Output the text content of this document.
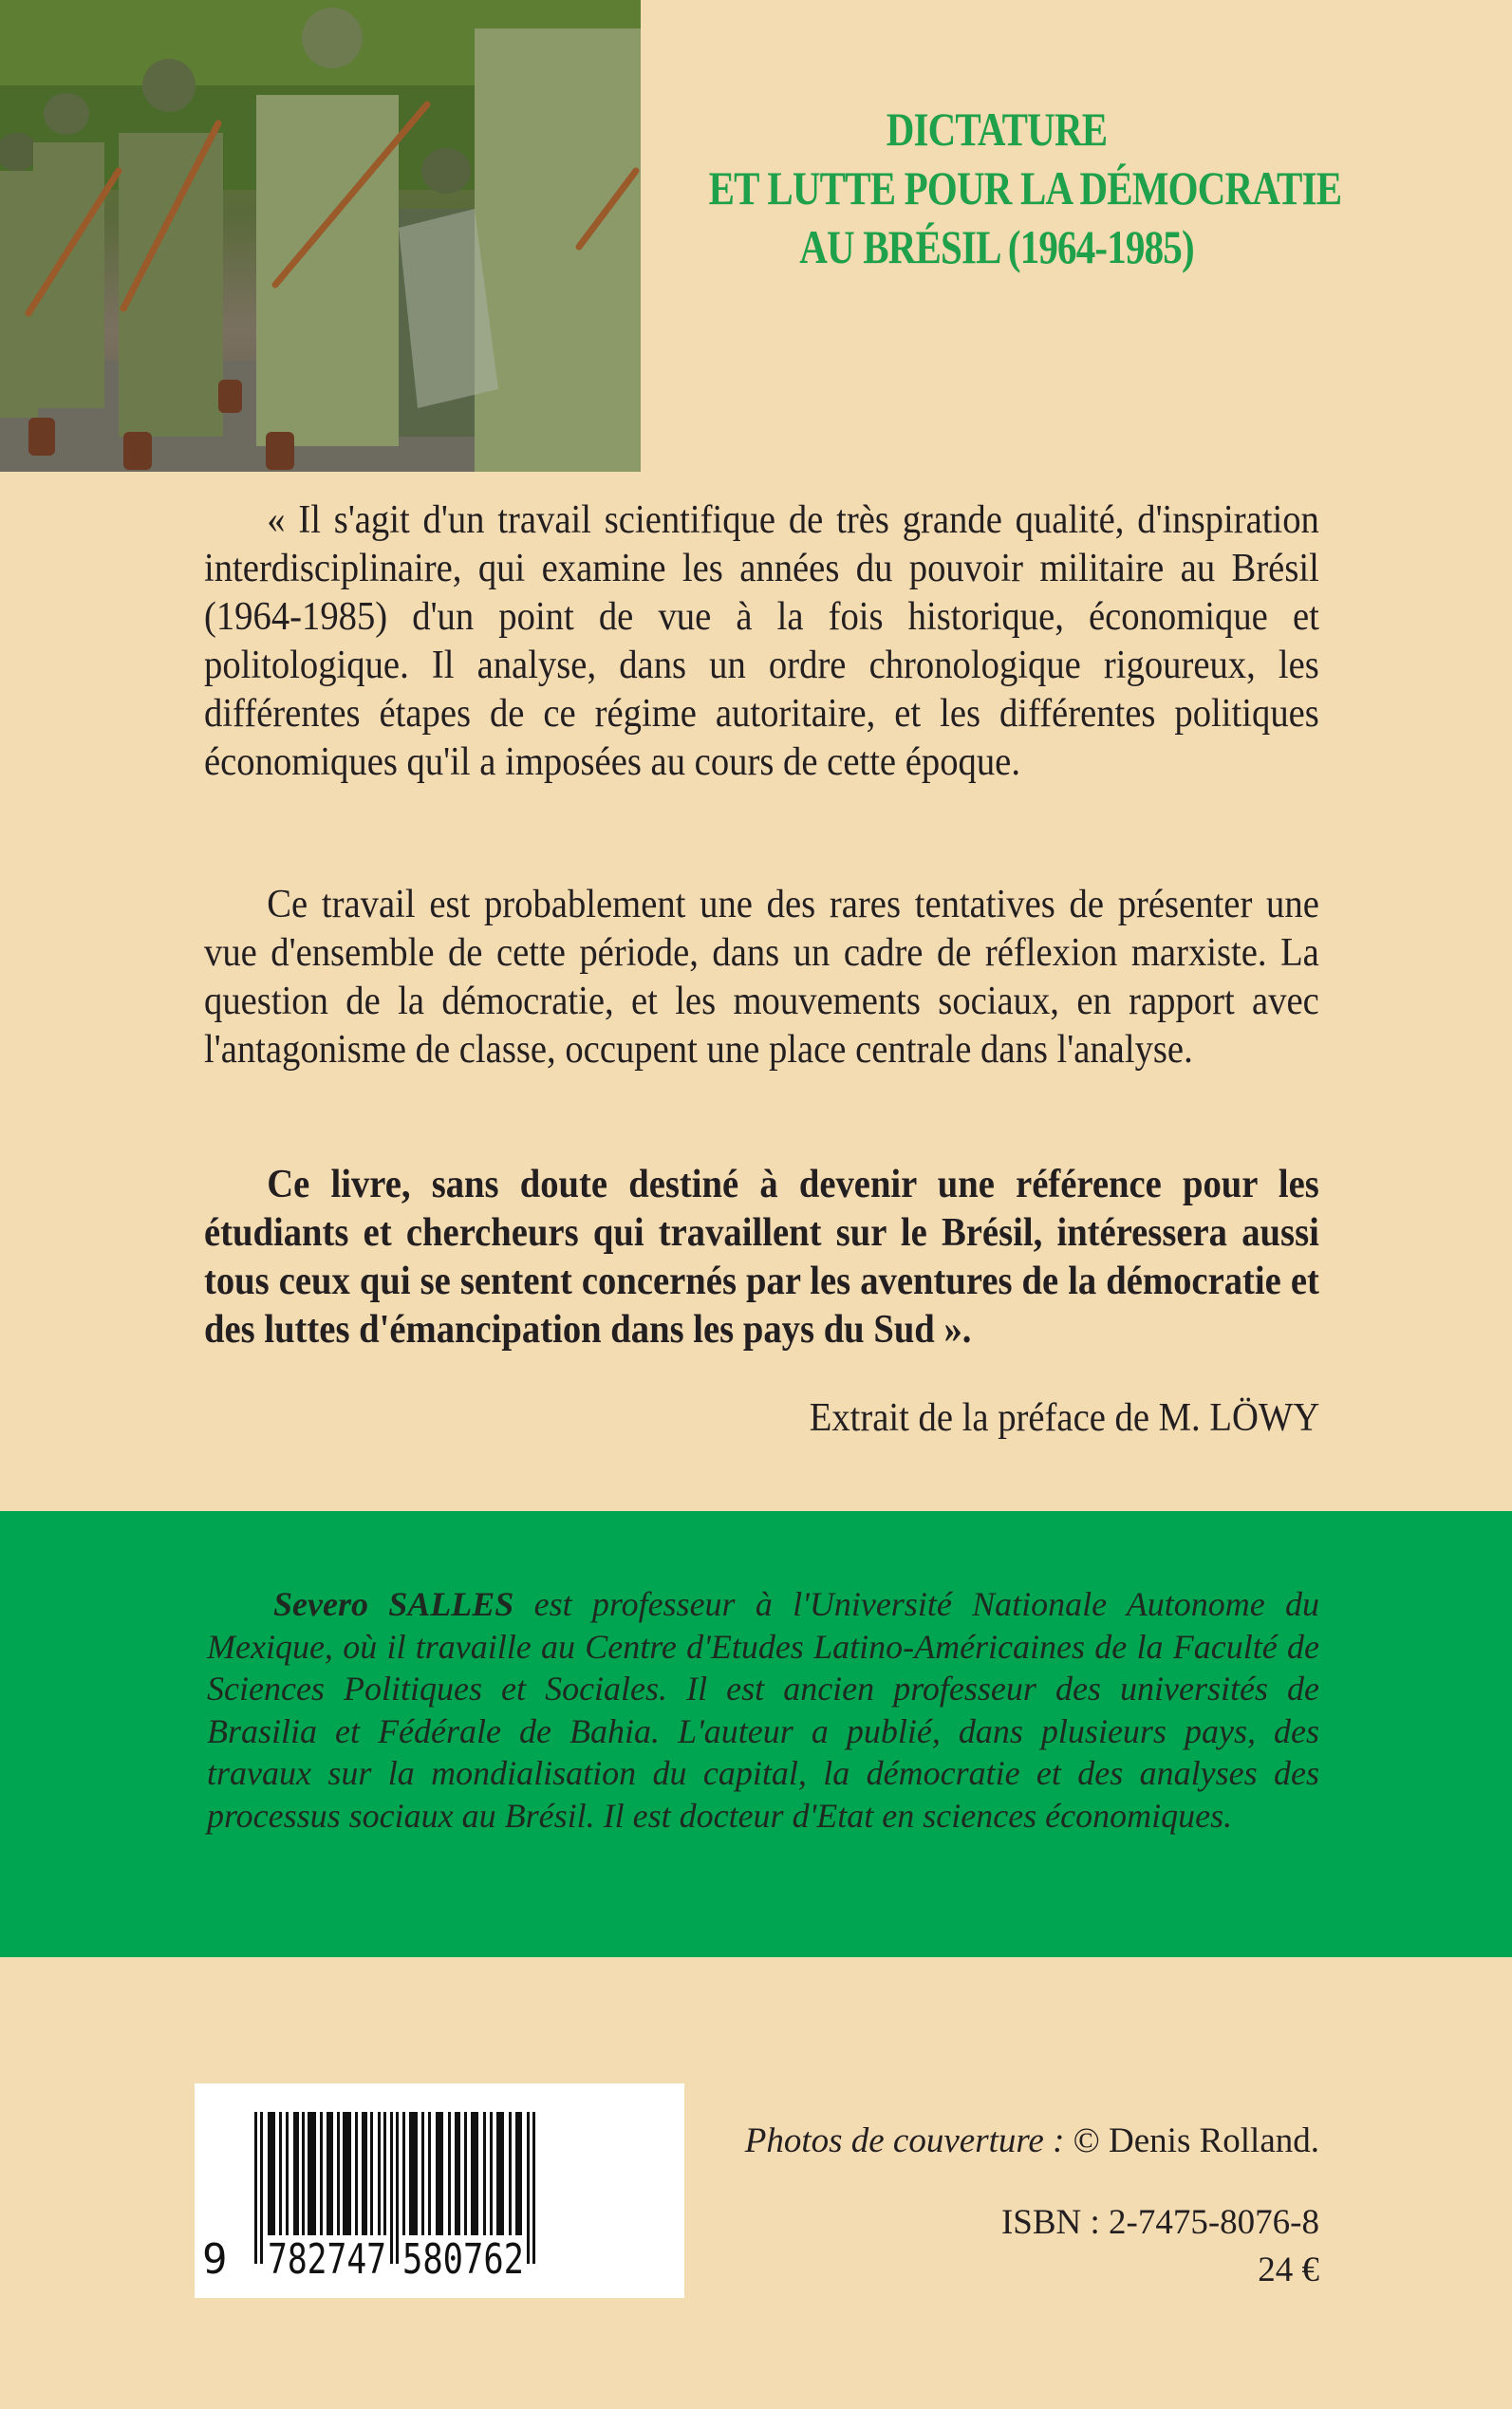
DICTATURE
ET LUTTE POUR LA DÉMOCRATIE
AU BRÉSIL (1964-1985)

« Il s'agit d'un travail scientifique de très grande qualité, d'inspiration interdisciplinaire, qui examine les années du pouvoir militaire au Brésil (1964-1985) d'un point de vue à la fois historique, économique et politologique. Il analyse, dans un ordre chronologique rigoureux, les différentes étapes de ce régime autoritaire, et les différentes politiques économiques qu'il a imposées au cours de cette époque.

Ce travail est probablement une des rares tentatives de présenter une vue d'ensemble de cette période, dans un cadre de réflexion marxiste. La question de la démocratie, et les mouvements sociaux, en rapport avec l'antagonisme de classe, occupent une place centrale dans l'analyse.

Ce livre, sans doute destiné à devenir une référence pour les étudiants et chercheurs qui travaillent sur le Brésil, intéressera aussi tous ceux qui se sentent concernés par les aventures de la démocratie et des luttes d'émancipation dans les pays du Sud ».

Extrait de la préface de M. LÖWY

Severo SALLES est professeur à l'Université Nationale Autonome du Mexique, où il travaille au Centre d'Etudes Latino-Américaines de la Faculté de Sciences Politiques et Sociales. Il est ancien professeur des universités de Brasilia et Fédérale de Bahia. L'auteur a publié, dans plusieurs pays, des travaux sur la mondialisation du capital, la démocratie et des analyses des processus sociaux au Brésil. Il est docteur d'Etat en sciences économiques.

9 782747 580762
Photos de couverture : © Denis Rolland.
ISBN : 2-7475-8076-8
24 €
